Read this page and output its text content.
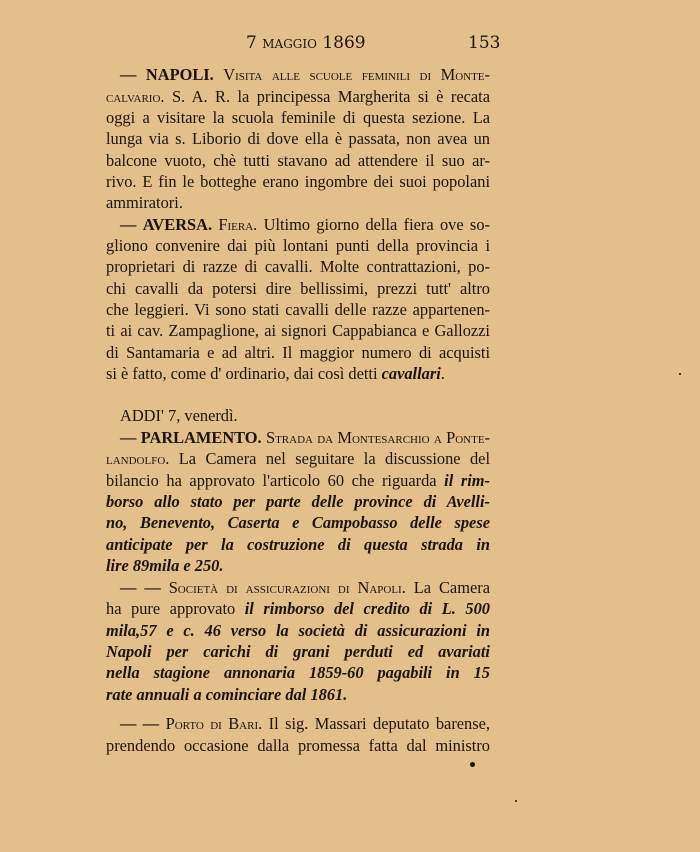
7 maggio 1869	153
— NAPOLI. Visita alle scuole feminili di Monte-
calvario. S. A. R. la principessa Margherita si è recata
oggi a visitare la scuola feminile di questa sezione. La
lunga via s. Liborio di dove ella è passata, non avea un
balcone vuoto, chè tutti stavano ad attendere il suo ar-
rivo. E fin le botteghe erano ingombre dei suoi popolani
ammiratori.
— AVERSA. Fiera. Ultimo giorno della fiera ove so-
gliono convenire dai più lontani punti della provincia i
proprietari di razze di cavalli. Molte contrattazioni, po-
chi cavalli da potersi dire bellissimi, prezzi tutt' altro
che leggieri. Vi sono stati cavalli delle razze appartenen-
ti ai cav. Zampaglione, ai signori Cappabianca e Gallozzi
di Santamaria e ad altri. Il maggior numero di acquisti
si è fatto, come d' ordinario, dai così detti cavallari.
ADDI' 7, venerdì.
— PARLAMENTO. Strada da Montesarchio a Ponte-
landolfo. La Camera nel seguitare la discussione del
bilancio ha approvato l'articolo 60 che riguarda il rim-
borso allo stato per parte delle province di Avelli-
no, Benevento, Caserta e Campobasso delle spese
anticipate per la costruzione di questa strada in
lire 89mila e 250.
— — Società di assicurazioni di Napoli. La Camera
ha pure approvato il rimborso del credito di L. 500
mila,57 e c. 46 verso la società di assicurazioni in
Napoli per carichi di grani perduti ed avariati
nella stagione annonaria 1859-60 pagabili in 15
rate annuali a cominciare dal 1861.
— — Porto di Bari. Il sig. Massari deputato barense,
prendendo occasione dalla promessa fatta dal ministro
